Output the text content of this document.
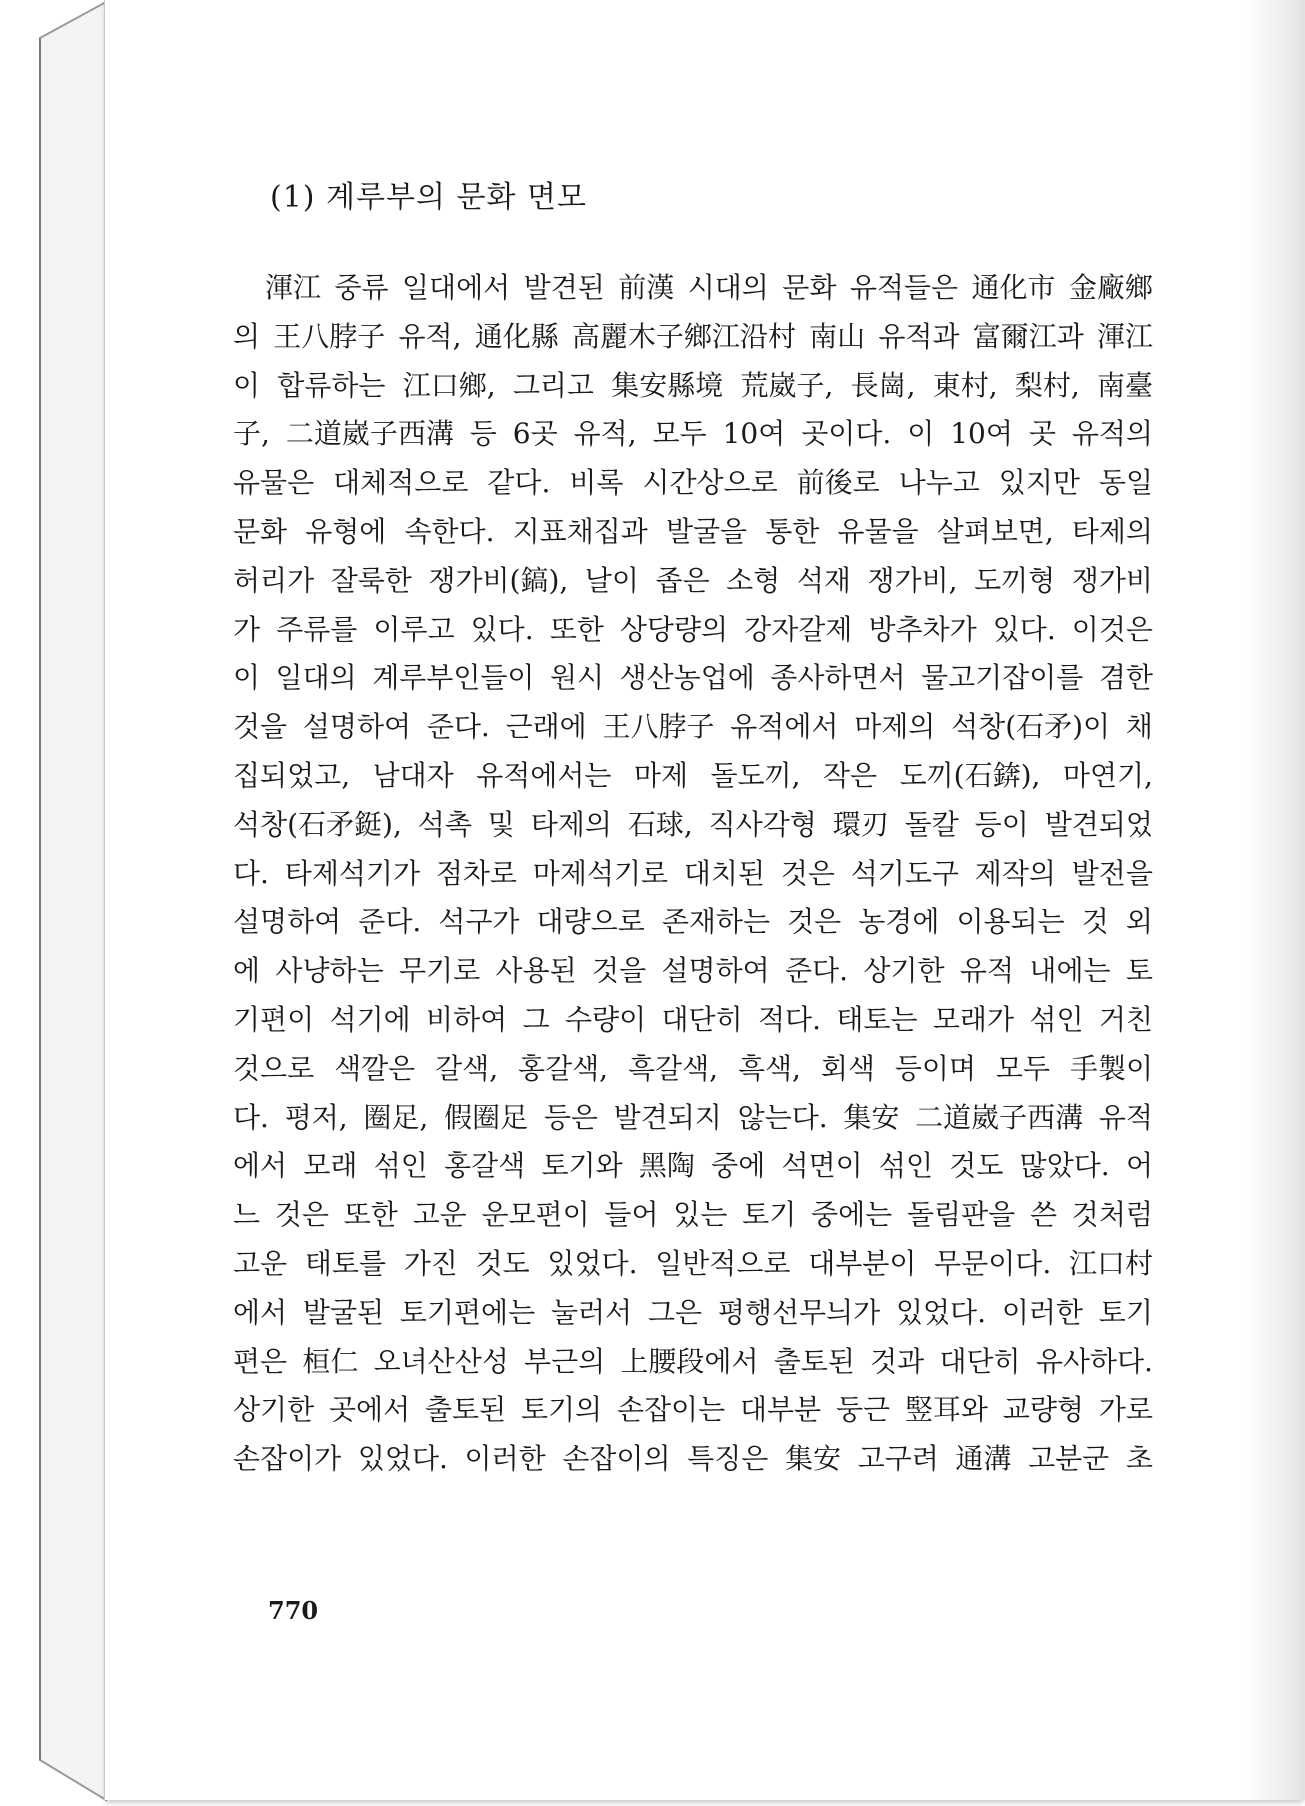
(1) 계루부의 문화 면모
渾江 중류 일대에서 발견된 前漢 시대의 문화 유적들은 通化市 金廠鄉
의 王八脖子 유적, 通化縣 高麗木子鄉江沿村 南山 유적과 富爾江과 渾江
이 합류하는 江口鄉, 그리고 集安縣境 荒崴子, 長崗, 東村, 梨村, 南臺
子, 二道崴子西溝 등 6곳 유적, 모두 10여 곳이다. 이 10여 곳 유적의
유물은 대체적으로 같다. 비록 시간상으로 前後로 나누고 있지만 동일
문화 유형에 속한다. 지표채집과 발굴을 통한 유물을 살펴보면, 타제의
허리가 잘룩한 쟁가비(鎬), 날이 좁은 소형 석재 쟁가비, 도끼형 쟁가비
가 주류를 이루고 있다. 또한 상당량의 강자갈제 방추차가 있다. 이것은
이 일대의 계루부인들이 원시 생산농업에 종사하면서 물고기잡이를 겸한
것을 설명하여 준다. 근래에 王八脖子 유적에서 마제의 석창(石矛)이 채
집되었고, 남대자 유적에서는 마제 돌도끼, 작은 도끼(石錛), 마연기,
석창(石矛鋌), 석촉 및 타제의 石球, 직사각형 環刃 돌칼 등이 발견되었
다. 타제석기가 점차로 마제석기로 대치된 것은 석기도구 제작의 발전을
설명하여 준다. 석구가 대량으로 존재하는 것은 농경에 이용되는 것 외
에 사냥하는 무기로 사용된 것을 설명하여 준다. 상기한 유적 내에는 토
기편이 석기에 비하여 그 수량이 대단히 적다. 태토는 모래가 섞인 거친
것으로 색깔은 갈색, 홍갈색, 흑갈색, 흑색, 회색 등이며 모두 手製이
다. 평저, 圈足, 假圈足 등은 발견되지 않는다. 集安 二道崴子西溝 유적
에서 모래 섞인 홍갈색 토기와 黑陶 중에 석면이 섞인 것도 많았다. 어
느 것은 또한 고운 운모편이 들어 있는 토기 중에는 돌림판을 쓴 것처럼
고운 태토를 가진 것도 있었다. 일반적으로 대부분이 무문이다. 江口村
에서 발굴된 토기편에는 눌러서 그은 평행선무늬가 있었다. 이러한 토기
편은 桓仁 오녀산산성 부근의 上腰段에서 출토된 것과 대단히 유사하다.
상기한 곳에서 출토된 토기의 손잡이는 대부분 둥근 竪耳와 교량형 가로
손잡이가 있었다. 이러한 손잡이의 특징은 集安 고구려 通溝 고분군 초
770
